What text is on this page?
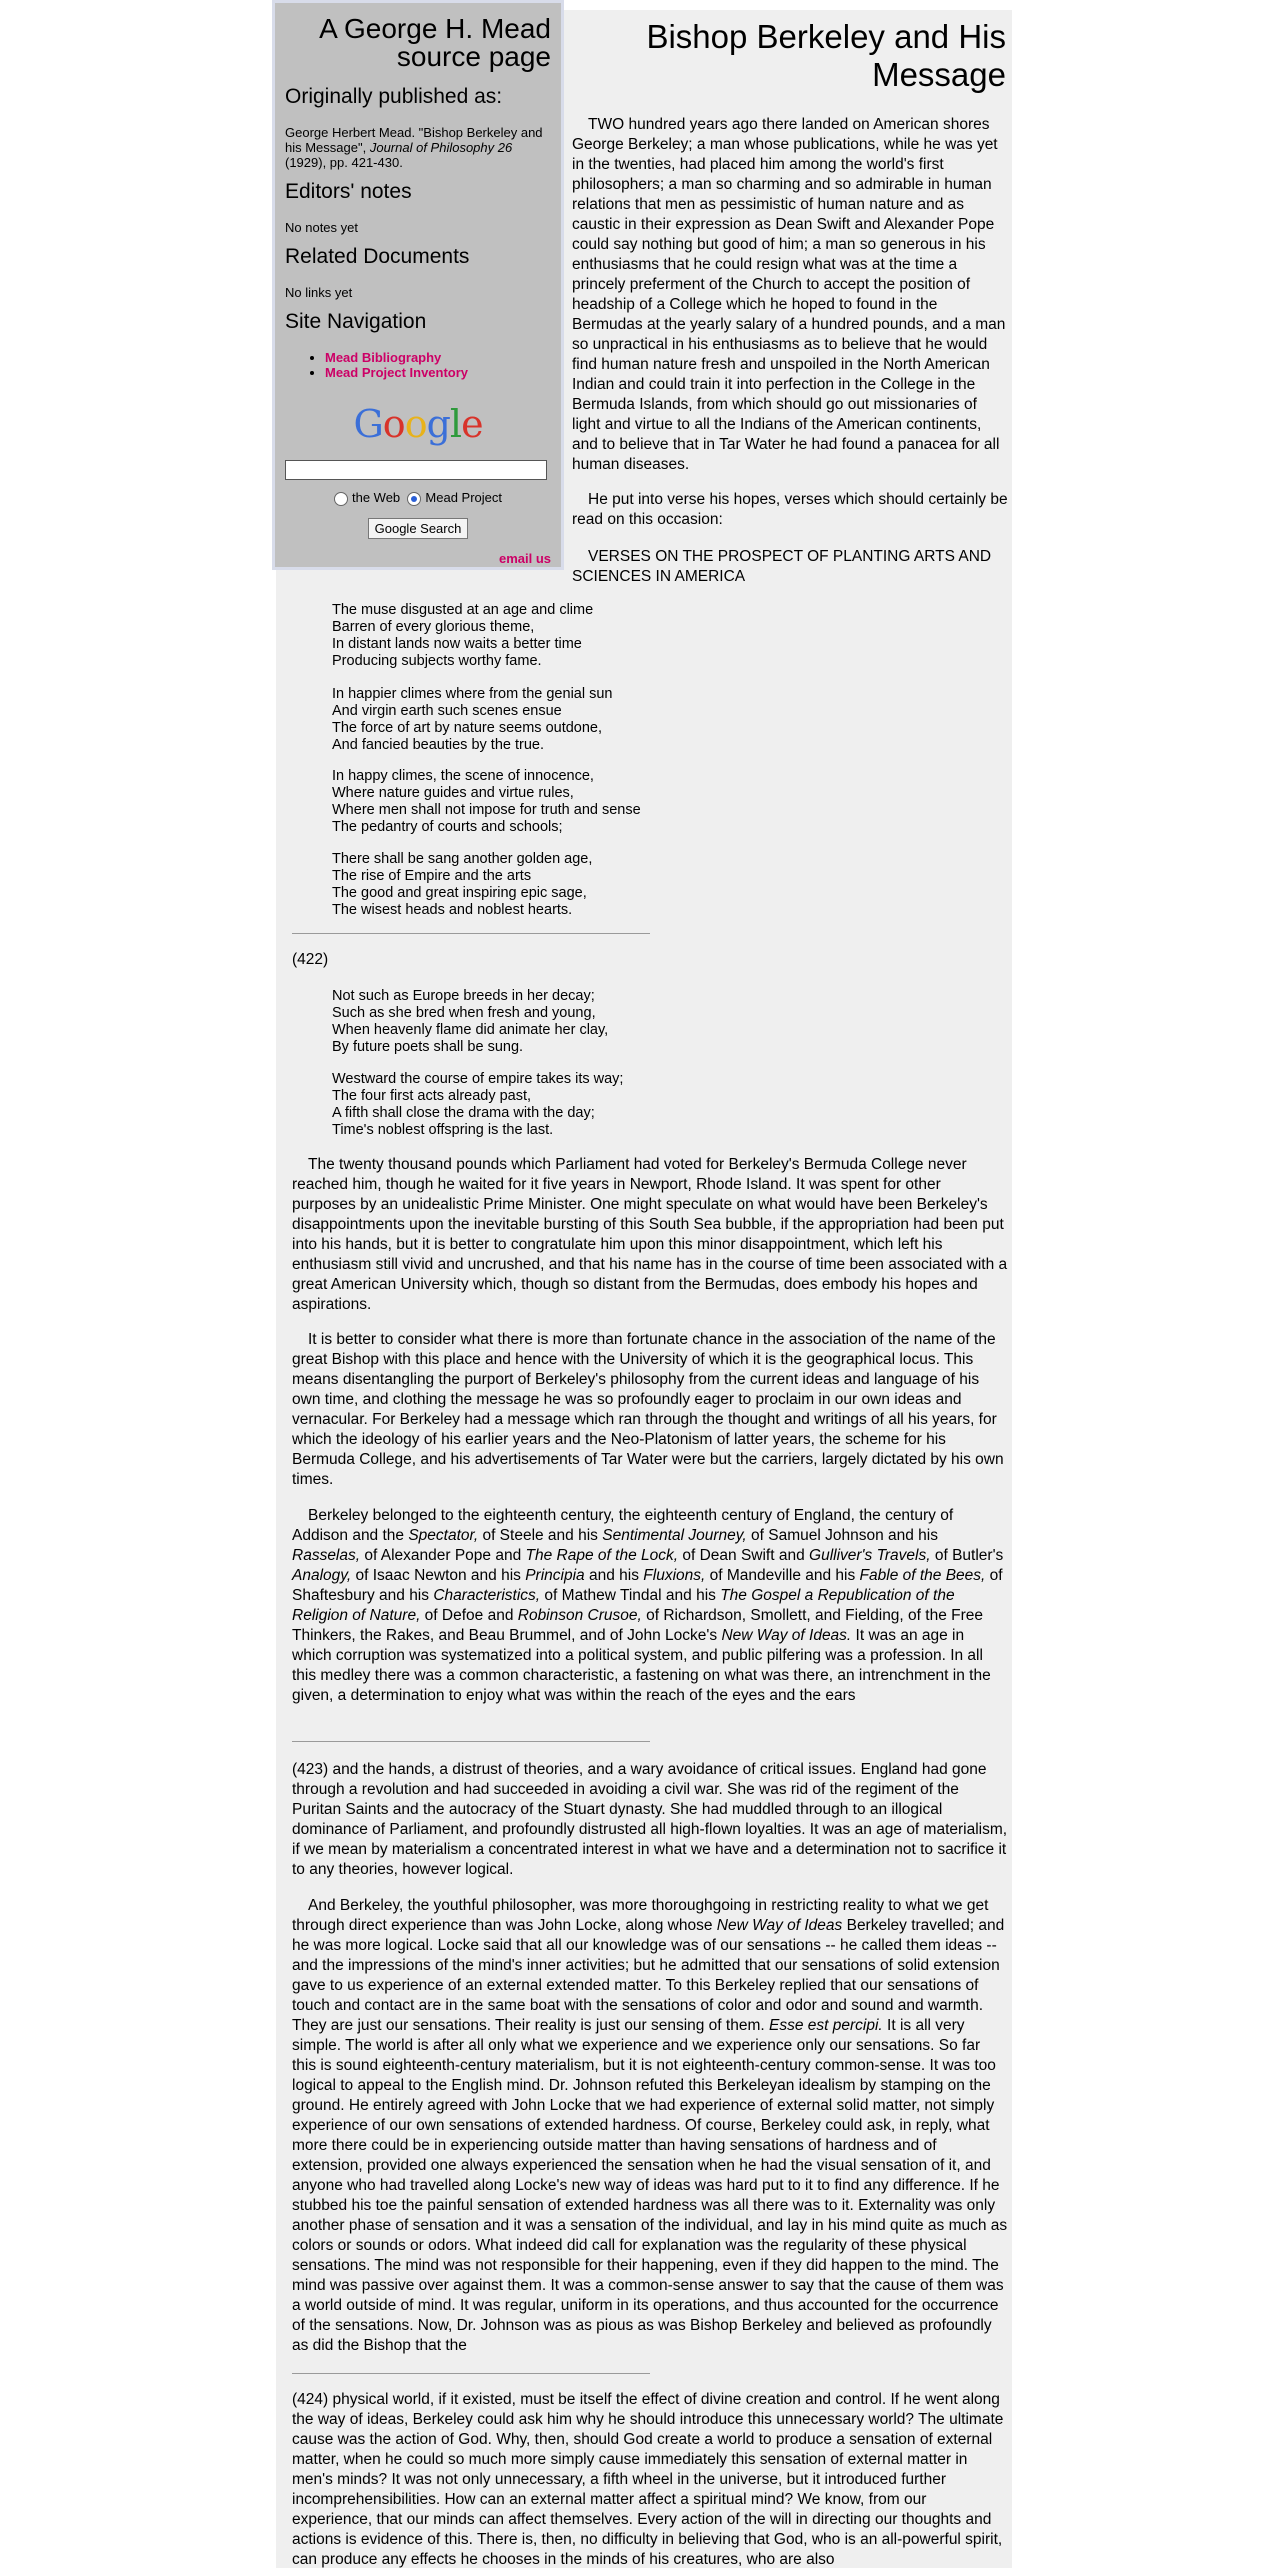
A George H. Mead source page
Originally published as:

George Herbert Mead. "Bishop Berkeley and his Message", Journal of Philosophy 26 (1929), pp. 421-430.

Editors' notes

No notes yet

Related Documents

No links yet

Site Navigation
• Mead Bibliography
• Mead Project Inventory
Google
the Web Mead Project
Google Search
email us
Bishop Berkeley and His Message

TWO hundred years ago there landed on American shores George Berkeley; a man whose publications, while he was yet in the twenties, had placed him among the world's first philosophers; a man so charming and so admirable in human relations that men as pessimistic of human nature and as caustic in their expression as Dean Swift and Alexander Pope could say nothing but good of him; a man so generous in his enthusiasms that he could resign what was at the time a princely preferment of the Church to accept the position of headship of a College which he hoped to found in the Bermudas at the yearly salary of a hundred pounds, and a man so unpractical in his enthusiasms as to believe that he would find human nature fresh and unspoiled in the North American Indian and could train it into perfection in the College in the Bermuda Islands, from which should go out missionaries of light and virtue to all the Indians of the American continents, and to believe that in Tar Water he had found a panacea for all human diseases.

He put into verse his hopes, verses which should certainly be read on this occasion:

VERSES ON THE PROSPECT OF PLANTING ARTS AND SCIENCES IN AMERICA

The muse disgusted at an age and clime
Barren of every glorious theme,
In distant lands now waits a better time
Producing subjects worthy fame.
In happier climes where from the genial sun
And virgin earth such scenes ensue
The force of art by nature seems outdone,
And fancied beauties by the true.
In happy climes, the scene of innocence,
Where nature guides and virtue rules,
Where men shall not impose for truth and sense
The pedantry of courts and schools;
There shall be sang another golden age,
The rise of Empire and the arts
The good and great inspiring epic sage,
The wisest heads and noblest hearts.

(422)

Not such as Europe breeds in her decay;
Such as she bred when fresh and young,
When heavenly flame did animate her clay,
By future poets shall be sung.
Westward the course of empire takes its way;
The four first acts already past,
A fifth shall close the drama with the day;
Time's noblest offspring is the last.

The twenty thousand pounds which Parliament had voted for Berkeley's Bermuda College never reached him, though he waited for it five years in Newport, Rhode Island. It was spent for other purposes by an unidealistic Prime Minister. One might speculate on what would have been Berkeley's disappointments upon the inevitable bursting of this South Sea bubble, if the appropriation had been put into his hands, but it is better to congratulate him upon this minor disappointment, which left his enthusiasm still vivid and uncrushed, and that his name has in the course of time been associated with a great American University which, though so distant from the Bermudas, does embody his hopes and aspirations.

It is better to consider what there is more than fortunate chance in the association of the name of the great Bishop with this place and hence with the University of which it is the geographical locus. This means disentangling the purport of Berkeley's philosophy from the current ideas and language of his own time, and clothing the message he was so profoundly eager to proclaim in our own ideas and vernacular. For Berkeley had a message which ran through the thought and writings of all his years, for which the ideology of his earlier years and the Neo-Platonism of latter years, the scheme for his Bermuda College, and his advertisements of Tar Water were but the carriers, largely dictated by his own times.

Berkeley belonged to the eighteenth century, the eighteenth century of England, the century of Addison and the Spectator, of Steele and his Sentimental Journey, of Samuel Johnson and his Rasselas, of Alexander Pope and The Rape of the Lock, of Dean Swift and Gulliver's Travels, of Butler's Analogy, of Isaac Newton and his Principia and his Fluxions, of Mandeville and his Fable of the Bees, of Shaftesbury and his Characteristics, of Mathew Tindal and his The Gospel a Republication of the Religion of Nature, of Defoe and Robinson Crusoe, of Richardson, Smollett, and Fielding, of the Free Thinkers, the Rakes, and Beau Brummel, and of John Locke's New Way of Ideas. It was an age in which corruption was systematized into a political system, and public pilfering was a profession. In all this medley there was a common characteristic, a fastening on what was there, an intrenchment in the given, a determination to enjoy what was within the reach of the eyes and the ears

(423) and the hands, a distrust of theories, and a wary avoidance of critical issues. England had gone through a revolution and had succeeded in avoiding a civil war. She was rid of the regiment of the Puritan Saints and the autocracy of the Stuart dynasty. She had muddled through to an illogical dominance of Parliament, and profoundly distrusted all high-flown loyalties. It was an age of materialism, if we mean by materialism a concentrated interest in what we have and a determination not to sacrifice it to any theories, however logical.

And Berkeley, the youthful philosopher, was more thoroughgoing in restricting reality to what we get through direct experience than was John Locke, along whose New Way of Ideas Berkeley travelled; and he was more logical. Locke said that all our knowledge was of our sensations -- he called them ideas -- and the impressions of the mind's inner activities; but he admitted that our sensations of solid extension gave to us experience of an external extended matter. To this Berkeley replied that our sensations of touch and contact are in the same boat with the sensations of color and odor and sound and warmth. They are just our sensations. Their reality is just our sensing of them. Esse est percipi. It is all very simple. The world is after all only what we experience and we experience only our sensations. So far this is sound eighteenth-century materialism, but it is not eighteenth-century common-sense. It was too logical to appeal to the English mind. Dr. Johnson refuted this Berkeleyan idealism by stamping on the ground. He entirely agreed with John Locke that we had experience of external solid matter, not simply experience of our own sensations of extended hardness. Of course, Berkeley could ask, in reply, what more there could be in experiencing outside matter than having sensations of hardness and of extension, provided one always experienced the sensation when he had the visual sensation of it, and anyone who had travelled along Locke's new way of ideas was hard put to it to find any difference. If he stubbed his toe the painful sensation of extended hardness was all there was to it. Externality was only another phase of sensation and it was a sensation of the individual, and lay in his mind quite as much as colors or sounds or odors. What indeed did call for explanation was the regularity of these physical sensations. The mind was not responsible for their happening, even if they did happen to the mind. The mind was passive over against them. It was a common-sense answer to say that the cause of them was a world outside of mind. It was regular, uniform in its operations, and thus accounted for the occurrence of the sensations. Now, Dr. Johnson was as pious as was Bishop Berkeley and believed as profoundly as did the Bishop that the

(424) physical world, if it existed, must be itself the effect of divine creation and control. If he went along the way of ideas, Berkeley could ask him why he should introduce this unnecessary world? The ultimate cause was the action of God. Why, then, should God create a world to produce a sensation of external matter, when he could so much more simply cause immediately this sensation of external matter in men's minds? It was not only unnecessary, a fifth wheel in the universe, but it introduced further incomprehensibilities. How can an external matter affect a spiritual mind? We know, from our experience, that our minds can affect themselves. Every action of the will in directing our thoughts and actions is evidence of this. There is, then, no difficulty in believing that God, who is an all-powerful spirit, can produce any effects he chooses in the minds of his creatures, who are also
